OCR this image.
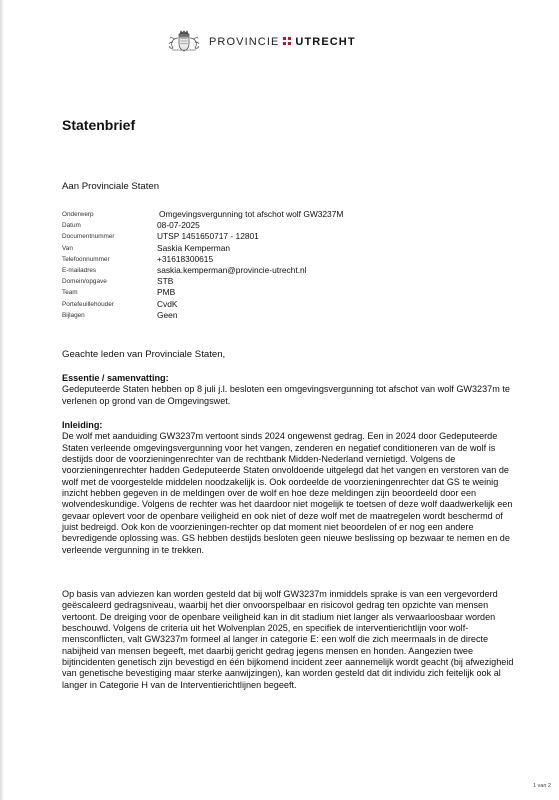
PROVINCIE UTRECHT
Statenbrief
Aan Provinciale Staten
Onderwerp	Omgevingsvergunning tot afschot wolf GW3237M
Datum	08-07-2025
Documentnummer	UTSP 1451650717 - 12801
Van	Saskia Kemperman
Telefoonnummer	+31618300615
E-mailadres	saskia.kemperman@provincie-utrecht.nl
Domein/opgave	STB
Team	PMB
Portefeuillehouder	CvdK
Bijlagen	Geen
Geachte leden van Provinciale Staten,
Essentie / samenvatting:
Gedeputeerde Staten hebben op 8 juli j.l. besloten een omgevingsvergunning tot afschot van wolf GW3237m te verlenen op grond van de Omgevingswet.
Inleiding:
De wolf met aanduiding GW3237m vertoont sinds 2024 ongewenst gedrag. Een in 2024 door Gedeputeerde Staten verleende omgevingsvergunning voor het vangen, zenderen en negatief conditioneren van de wolf is destijds door de voorzieningenrechter van de rechtbank Midden-Nederland vernietigd. Volgens de voorzieningenrechter hadden Gedeputeerde Staten onvoldoende uitgelegd dat het vangen en verstoren van de wolf met de voorgestelde middelen noodzakelijk is. Ook oordeelde de voorzieningenrechter dat GS te weinig inzicht hebben gegeven in de meldingen over de wolf en hoe deze meldingen zijn beoordeeld door een wolvendeskundige. Volgens de rechter was het daardoor niet mogelijk te toetsen of deze wolf daadwerkelijk een gevaar oplevert voor de openbare veiligheid en ook niet of deze wolf met de maatregelen wordt beschermd of juist bedreigd. Ook kon de voorzieningen-rechter op dat moment niet beoordelen of er nog een andere bevredigende oplossing was. GS hebben destijds besloten geen nieuwe beslissing op bezwaar te nemen en de verleende vergunning in te trekken.
Op basis van adviezen kan worden gesteld dat bij wolf GW3237m inmiddels sprake is van een vergevorderd geëscaleerd gedragsniveau, waarbij het dier onvoorspelbaar en risicovol gedrag ten opzichte van mensen vertoont. De dreiging voor de openbare veiligheid kan in dit stadium niet langer als verwaarloosbaar worden beschouwd. Volgens de criteria uit het Wolvenplan 2025, en specifiek de interventierichtlijn voor wolf-mensconflicten, valt GW3237m formeel al langer in categorie E: een wolf die zich meermaals in de directe nabijheid van mensen begeeft, met daarbij gericht gedrag jegens mensen en honden. Aangezien twee bijtincidenten genetisch zijn bevestigd en één bijkomend incident zeer aannemelijk wordt geacht (bij afwezigheid van genetische bevestiging maar sterke aanwijzingen), kan worden gesteld dat dit individu zich feitelijk ook al langer in Categorie H van de Interventierichtlijnen begeeft.
1 van 2
